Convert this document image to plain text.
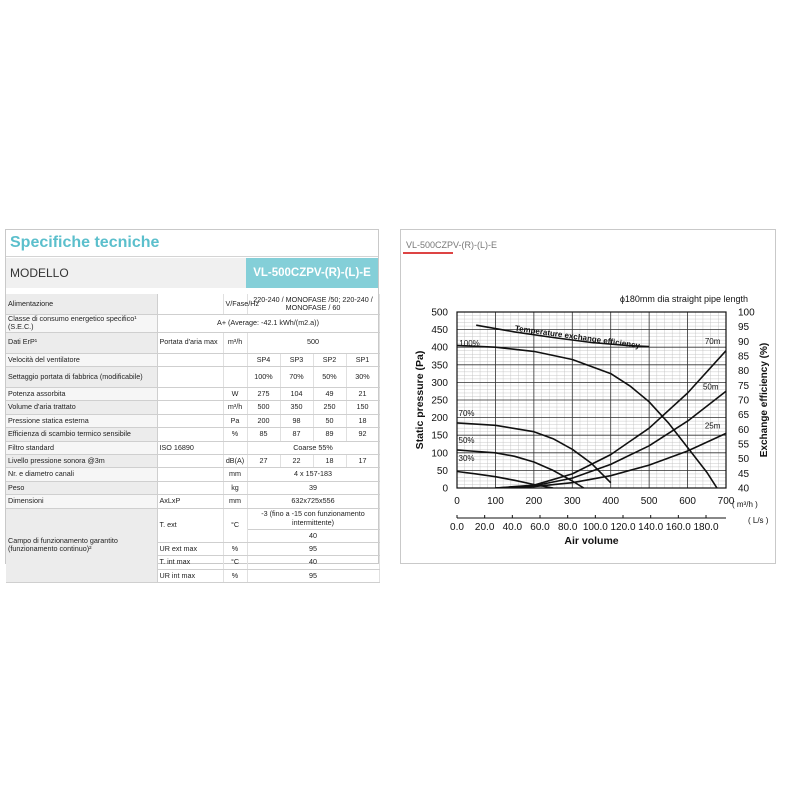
Specifiche tecniche
MODELLO	VL-500CZPV-(R)-(L)-E
Alimentazione		V/Fase/Hz	220-240 / MONOFASE /50; 220-240 / MONOFASE / 60			
Classe di consumo energetico specifico¹ (S.E.C.)	A+ (Average: -42.1 kWh/(m2.a))					
Dati ErP¹	Portata d'aria max	m³/h	500			
Velocità del ventilatore			SP4	SP3	SP2	SP1
Settaggio portata di fabbrica (modificabile)			100%	70%	50%	30%
Potenza assorbita		W	275	104	49	21
Volume d'aria trattato		m³/h	500	350	250	150
Pressione statica esterna		Pa	200	98	50	18
Efficienza di scambio termico sensibile		%	85	87	89	92
Filtro standard	ISO 16890		Coarse 55%			
Livello pressione sonora @3m		dB(A)	27	22	18	17
Nr. e diametro canali		mm	4 x 157-183			
Peso		kg	39			
Dimensioni	AxLxP	mm	632x725x556			
Campo di funzionamento garantito (funzionamento continuo)²	T. ext	°C	-3 (fino a -15 con funzionamento intermittente)			
			40			
	UR ext max	%	95			
	T. int max	°C	40			
	UR int max	%	95			
VL-500CZPV-(R)-(L)-E
0
50
100
150
200
250
300
350
400
450
500
40
45
50
55
60
65
70
75
80
85
90
95
100
0	100 200 300 400 500 600 700
( m³/h )
0.0 20.0 40.0 60.0 80.0 100.0 120.0 140.0 160.0 180.0
( L/s )
Air volume
Static pressure (Pa)	Exchange efficiency (%)
ϕ180mm dia straight pipe length
100%
70%
50%
30%
70m
50m
25m
Temperature exchange efficiency
